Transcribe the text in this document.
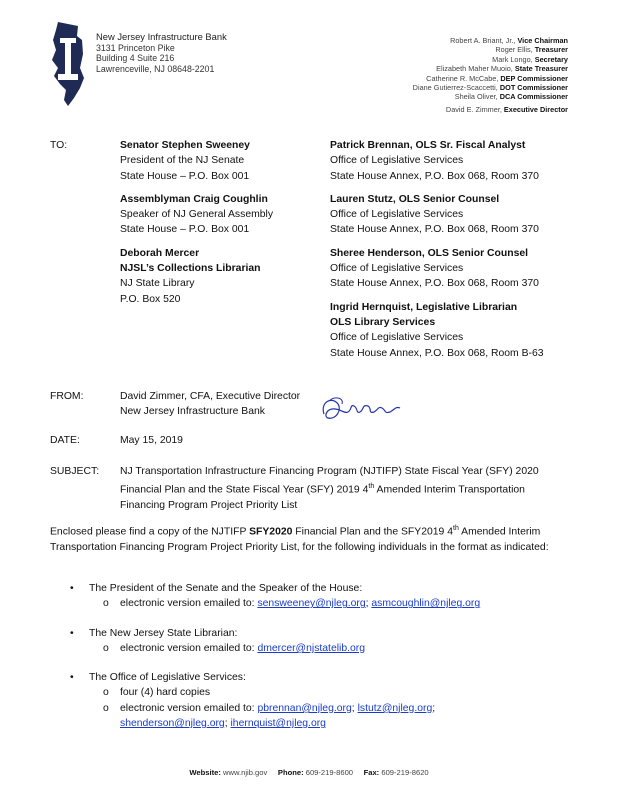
New Jersey Infrastructure Bank
3131 Princeton Pike
Building 4 Suite 216
Lawrenceville, NJ 08648-2201
Robert A. Briant, Jr., Vice Chairman
Roger Ellis, Treasurer
Mark Longo, Secretary
Elizabeth Maher Muoio, State Treasurer
Catherine R. McCabe, DEP Commissioner
Diane Gutierrez-Scaccetti, DOT Commissioner
Sheila Oliver, DCA Commissioner
David E. Zimmer, Executive Director
TO:	Senator Stephen Sweeney
President of the NJ Senate
State House – P.O. Box 001
Assemblyman Craig Coughlin
Speaker of NJ General Assembly
State House – P.O. Box 001
Deborah Mercer
NJSL’s Collections Librarian
NJ State Library
P.O. Box 520
Patrick Brennan, OLS Sr. Fiscal Analyst
Office of Legislative Services
State House Annex, P.O. Box 068, Room 370
Lauren Stutz, OLS Senior Counsel
Office of Legislative Services
State House Annex, P.O. Box 068, Room 370
Sheree Henderson, OLS Senior Counsel
Office of Legislative Services
State House Annex, P.O. Box 068, Room 370
Ingrid Hernquist, Legislative Librarian
OLS Library Services
Office of Legislative Services
State House Annex, P.O. Box 068, Room B-63
FROM:	David Zimmer, CFA, Executive Director
New Jersey Infrastructure Bank
DATE:	May 15, 2019
SUBJECT: NJ Transportation Infrastructure Financing Program (NJTIFP) State Fiscal Year (SFY) 2020 Financial Plan and the State Fiscal Year (SFY) 2019 4th Amended Interim Transportation Financing Program Project Priority List
Enclosed please find a copy of the NJTIFP SFY2020 Financial Plan and the SFY2019 4th Amended Interim Transportation Financing Program Project Priority List, for the following individuals in the format as indicated:
• The President of the Senate and the Speaker of the House:
o electronic version emailed to: sensweeney@njleg.org; asmcoughlin@njleg.org
• The New Jersey State Librarian:
o electronic version emailed to: dmercer@njstatelib.org
• The Office of Legislative Services:
o four (4) hard copies
o electronic version emailed to: pbrennan@njleg.org; lstutz@njleg.org;
shenderson@njleg.org; ihernquist@njleg.org
Website: www.njib.gov Phone: 609-219-8600 Fax: 609-219-8620
